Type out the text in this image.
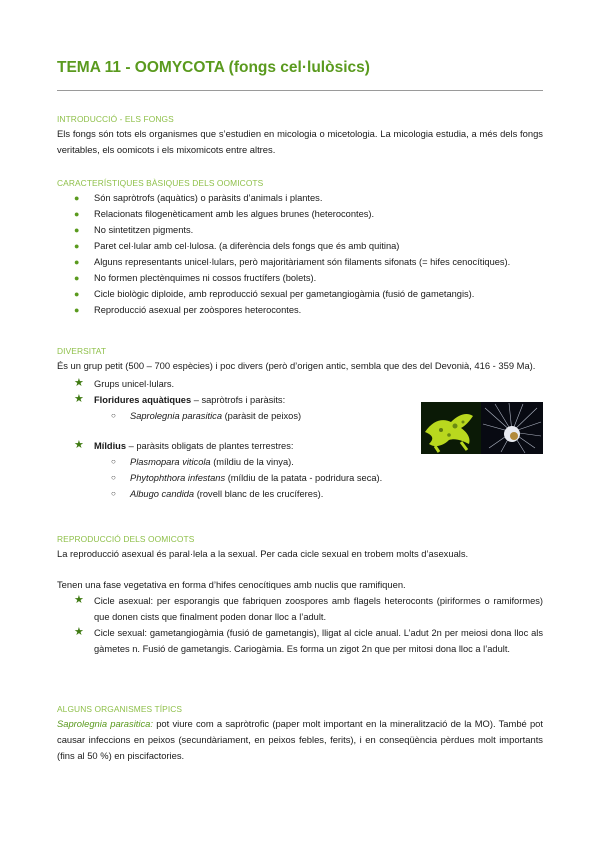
TEMA 11 - OOMYCOTA (fongs cel·lulòsics)
INTRODUCCIÓ - ELS FONGS
Els fongs són tots els organismes que s’estudien en micologia o micetologia. La micologia estudia, a més dels fongs veritables, els oomicots i els mixomicots entre altres.
CARACTERÍSTIQUES BÀSIQUES DELS OOMICOTS
● Són sapròtrofs (aquàtics) o paràsits d’animals i plantes.
● Relacionats filogenèticament amb les algues brunes (heterocontes).
● No sintetitzen pigments.
● Paret cel·lular amb cel·lulosa. (a diferència dels fongs que és amb quitina)
● Alguns representants unicel·lulars, però majoritàriament són filaments sifonats (= hifes cenocítiques).
● No formen plectènquimes ni cossos fructífers (bolets).
● Cicle biològic diploide, amb reproducció sexual per gametangiogàmia (fusió de gametangis).
● Reproducció asexual per zoòspores heterocontes.
DIVERSITAT
És un grup petit (500 – 700 espècies) i poc divers (però d’origen antic, sembla que des del Devonià, 416 - 359 Ma).
★ Grups unicel·lulars.
★ Floridures aquàtiques – sapròtrofs i paràsits:
○ Saprolegnia parasitica (paràsit de peixos)
★ Míldius – paràsits obligats de plantes terrestres:
○ Plasmopara viticola (míldiu de la vinya).
○ Phytophthora infestans (míldiu de la patata - podridura seca).
○ Albugo candida (rovell blanc de les crucíferes).
REPRODUCCIÓ DELS OOMICOTS
La reproducció asexual és paral·lela a la sexual. Per cada cicle sexual en trobem molts d’asexuals.
Tenen una fase vegetativa en forma d’hifes cenocítiques amb nuclis que ramifiquen.
★ Cicle asexual: per esporangis que fabriquen zoospores amb flagels heteroconts (piriformes o ramiformes) que donen cists que finalment poden donar lloc a l’adult.
★ Cicle sexual: gametangiogàmia (fusió de gametangis), lligat al cicle anual. L’adut 2n per meiosi dona lloc als gàmetes n. Fusió de gametangis. Cariogàmia. Es forma un zigot 2n que per mitosi dona lloc a l’adult.
ALGUNS ORGANISMES TÍPICS
Saprolegnia parasitica: pot viure com a sapròtrofic (paper molt important en la mineralització de la MO). També pot causar infeccions en peixos (secundàriament, en peixos febles, ferits), i en conseqüència pèrdues molt importants (fins al 50 %) en piscifactories.
